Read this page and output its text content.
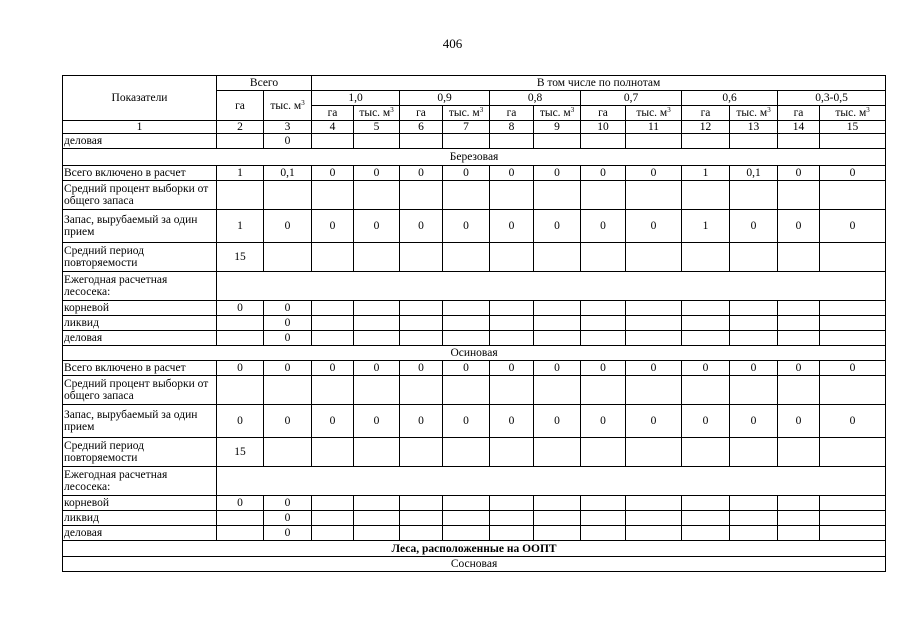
406
Показатели	Всего		В том числе по полнотам											
	га	тыс. $м^3$	1,0		0,9		0,8		0,7		0,6		0,3-0,5	
			га	тыс. $м^3$	га	тыс. $м^3$	га	тыс. $м^3$	га	тыс. $м^3$	га	тыс. $м^3$	га	тыс. $м^3$
1	2	3	4	5	6	7	8	9	10	11	12	13	14	15
деловая		0												
Березовая														
Всего включено в расчет	1	0,1	0	0	0	0	0	0	0	0	1	0,1	0	0
Средний процент выборки от общего запаса														
Запас, вырубаемый за один прием	1	0	0	0	0	0	0	0	0	0	1	0	0	0
Средний период повторяемости	15													
Ежегодная расчетная лесосека:														
корневой	0	0												
ликвид		0												
деловая		0												
Осиновая														
Всего включено в расчет	0	0	0	0	0	0	0	0	0	0	0	0	0	0
Средний процент выборки от общего запаса														
Запас, вырубаемый за один прием	0	0	0	0	0	0	0	0	0	0	0	0	0	0
Средний период повторяемости	15													
Ежегодная расчетная лесосека:														
корневой	0	0												
ликвид		0												
деловая		0												
Леса, расположенные на ООПТ														
Сосновая														
